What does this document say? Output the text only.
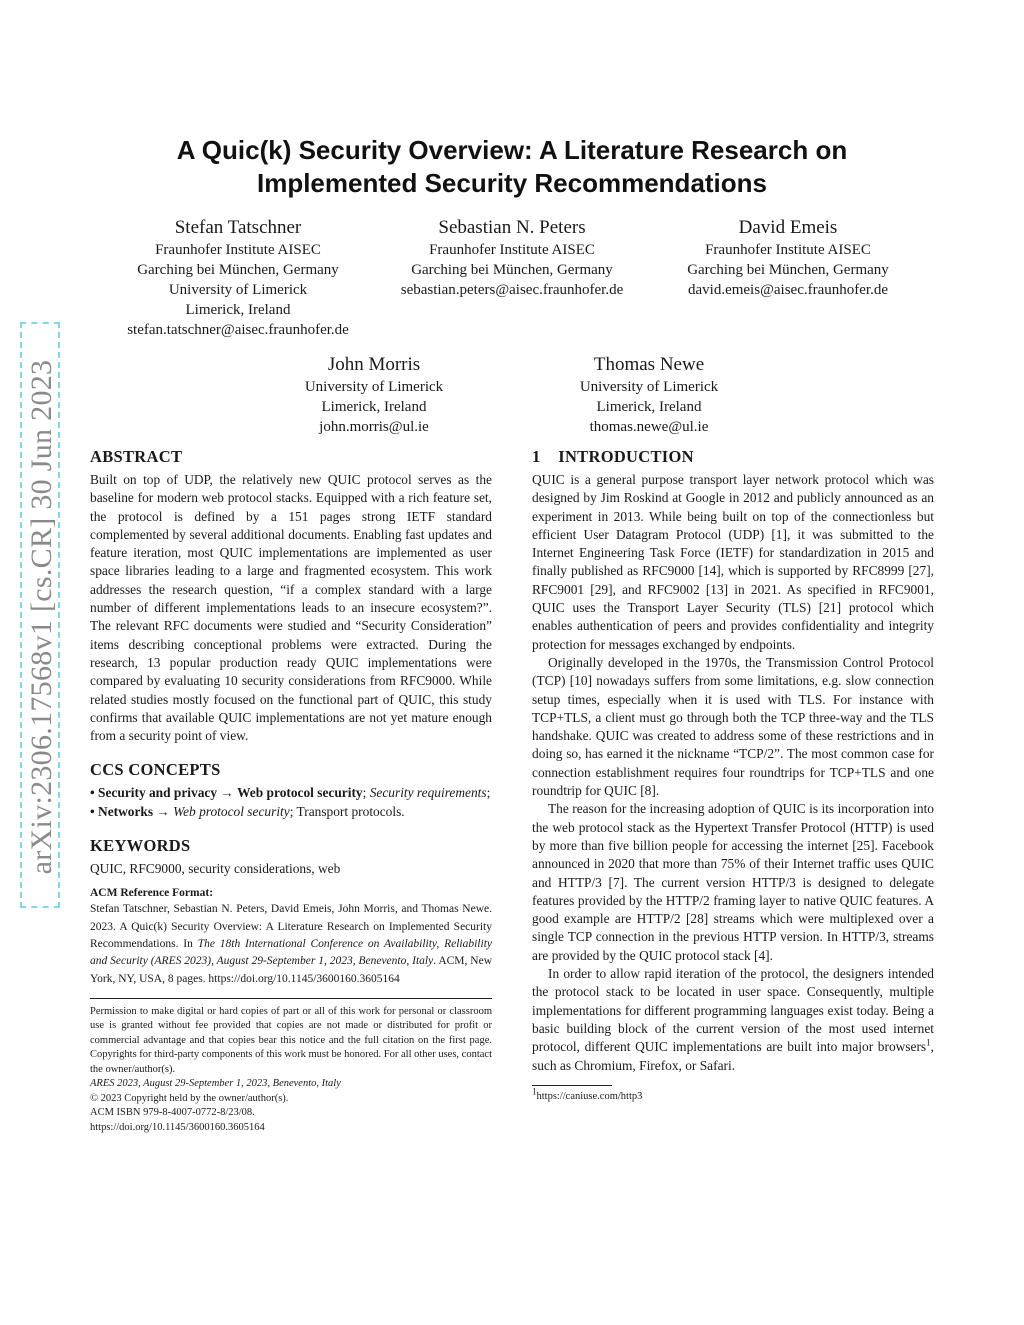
arXiv:2306.17568v1 [cs.CR] 30 Jun 2023
A Quic(k) Security Overview: A Literature Research on
Implemented Security Recommendations
Stefan Tatschner
Fraunhofer Institute AISEC
Garching bei München, Germany
University of Limerick
Limerick, Ireland
stefan.tatschner@aisec.fraunhofer.de
Sebastian N. Peters
Fraunhofer Institute AISEC
Garching bei München, Germany
sebastian.peters@aisec.fraunhofer.de
David Emeis
Fraunhofer Institute AISEC
Garching bei München, Germany
david.emeis@aisec.fraunhofer.de
John Morris
University of Limerick
Limerick, Ireland
john.morris@ul.ie
Thomas Newe
University of Limerick
Limerick, Ireland
thomas.newe@ul.ie
ABSTRACT

Built on top of UDP, the relatively new QUIC protocol serves as the baseline for modern web protocol stacks. Equipped with a rich feature set, the protocol is defined by a 151 pages strong IETF standard complemented by several additional documents. Enabling fast updates and feature iteration, most QUIC implementations are implemented as user space libraries leading to a large and fragmented ecosystem. This work addresses the research question, “if a complex standard with a large number of different implementations leads to an insecure ecosystem?”. The relevant RFC documents were studied and “Security Consideration” items describing conceptional problems were extracted. During the research, 13 popular production ready QUIC implementations were compared by evaluating 10 security considerations from RFC9000. While related studies mostly focused on the functional part of QUIC, this study confirms that available QUIC implementations are not yet mature enough from a security point of view.

CCS CONCEPTS

• Security and privacy → Web protocol security; Security requirements; • Networks → Web protocol security; Transport protocols.

KEYWORDS

QUIC, RFC9000, security considerations, web

ACM Reference Format:

Stefan Tatschner, Sebastian N. Peters, David Emeis, John Morris, and Thomas Newe. 2023. A Quic(k) Security Overview: A Literature Research on Implemented Security Recommendations. In The 18th International Conference on Availability, Reliability and Security (ARES 2023), August 29-September 1, 2023, Benevento, Italy. ACM, New York, NY, USA, 8 pages. https://doi.org/10.1145/3600160.3605164

Permission to make digital or hard copies of part or all of this work for personal or classroom use is granted without fee provided that copies are not made or distributed for profit or commercial advantage and that copies bear this notice and the full citation on the first page. Copyrights for third-party components of this work must be honored. For all other uses, contact the owner/author(s).
ARES 2023, August 29-September 1, 2023, Benevento, Italy
© 2023 Copyright held by the owner/author(s).
ACM ISBN 979-8-4007-0772-8/23/08.
https://doi.org/10.1145/3600160.3605164
1    INTRODUCTION

QUIC is a general purpose transport layer network protocol which was designed by Jim Roskind at Google in 2012 and publicly announced as an experiment in 2013. While being built on top of the connectionless but efficient User Datagram Protocol (UDP) [1], it was submitted to the Internet Engineering Task Force (IETF) for standardization in 2015 and finally published as RFC9000 [14], which is supported by RFC8999 [27], RFC9001 [29], and RFC9002 [13] in 2021. As specified in RFC9001, QUIC uses the Transport Layer Security (TLS) [21] protocol which enables authentication of peers and provides confidentiality and integrity protection for messages exchanged by endpoints.

Originally developed in the 1970s, the Transmission Control Protocol (TCP) [10] nowadays suffers from some limitations, e.g. slow connection setup times, especially when it is used with TLS. For instance with TCP+TLS, a client must go through both the TCP three-way and the TLS handshake. QUIC was created to address some of these restrictions and in doing so, has earned it the nickname “TCP/2”. The most common case for connection establishment requires four roundtrips for TCP+TLS and one roundtrip for QUIC [8].

The reason for the increasing adoption of QUIC is its incorporation into the web protocol stack as the Hypertext Transfer Protocol (HTTP) is used by more than five billion people for accessing the internet [25]. Facebook announced in 2020 that more than 75% of their Internet traffic uses QUIC and HTTP/3 [7]. The current version HTTP/3 is designed to delegate features provided by the HTTP/2 framing layer to native QUIC features. A good example are HTTP/2 [28] streams which were multiplexed over a single TCP connection in the previous HTTP version. In HTTP/3, streams are provided by the QUIC protocol stack [4].

In order to allow rapid iteration of the protocol, the designers intended the protocol stack to be located in user space. Consequently, multiple implementations for different programming languages exist today. Being a basic building block of the current version of the most used internet protocol, different QUIC implementations are built into major browsers$^1$, such as Chromium, Firefox, or Safari.

$^1$https://caniuse.com/http3
